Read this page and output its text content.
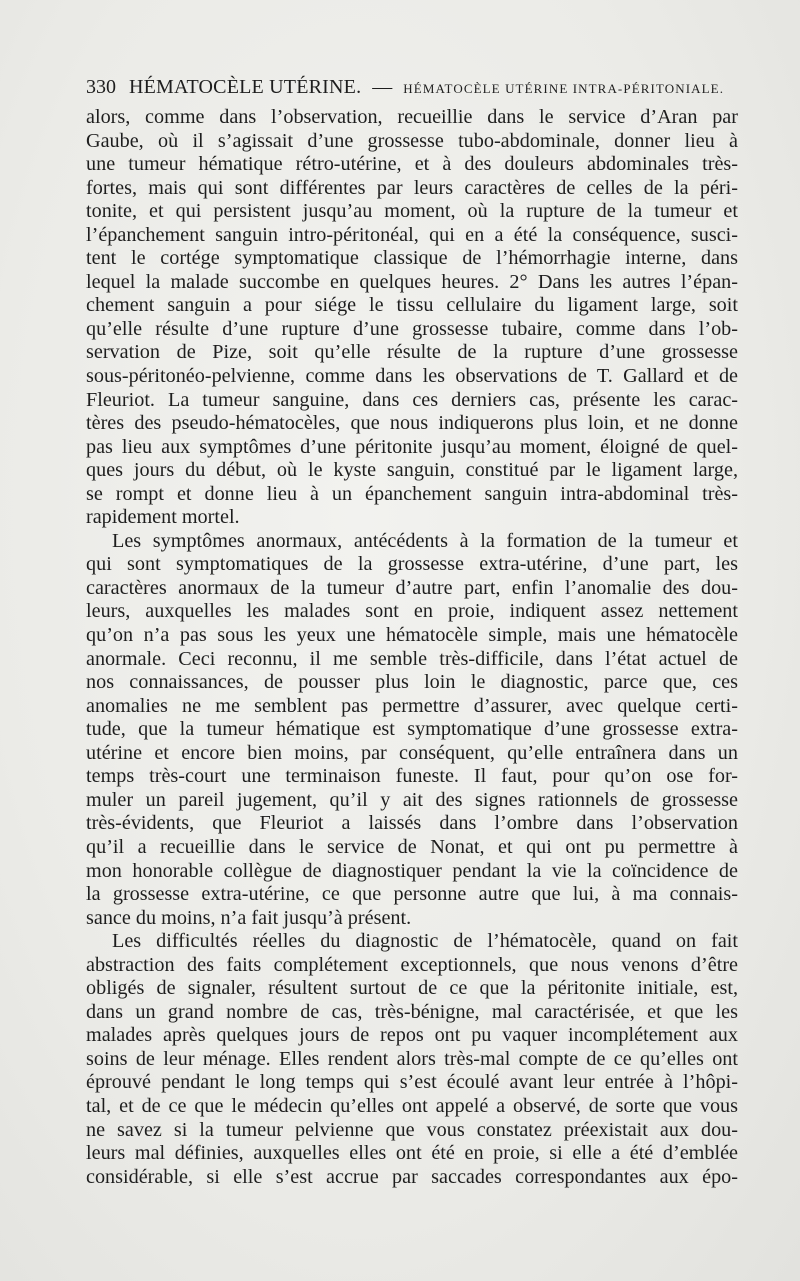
330 HÉMATOCÈLE UTÉRINE. — HÉMATOCÈLE UTÉRINE INTRA-PÉRITONIALE.
alors, comme dans l’observation, recueillie dans le service d’Aran par
Gaube, où il s’agissait d’une grossesse tubo-abdominale, donner lieu à
une tumeur hématique rétro-utérine, et à des douleurs abdominales très-
fortes, mais qui sont différentes par leurs caractères de celles de la péri-
tonite, et qui persistent jusqu’au moment, où la rupture de la tumeur et
l’épanchement sanguin intro-péritonéal, qui en a été la conséquence, susci-
tent le cortége symptomatique classique de l’hémorrhagie interne, dans
lequel la malade succombe en quelques heures. 2° Dans les autres l’épan-
chement sanguin a pour siége le tissu cellulaire du ligament large, soit
qu’elle résulte d’une rupture d’une grossesse tubaire, comme dans l’ob-
servation de Pize, soit qu’elle résulte de la rupture d’une grossesse
sous-péritonéo-pelvienne, comme dans les observations de T. Gallard et de
Fleuriot. La tumeur sanguine, dans ces derniers cas, présente les carac-
tères des pseudo-hématocèles, que nous indiquerons plus loin, et ne donne
pas lieu aux symptômes d’une péritonite jusqu’au moment, éloigné de quel-
ques jours du début, où le kyste sanguin, constitué par le ligament large,
se rompt et donne lieu à un épanchement sanguin intra-abdominal très-
rapidement mortel.
Les symptômes anormaux, antécédents à la formation de la tumeur et
qui sont symptomatiques de la grossesse extra-utérine, d’une part, les
caractères anormaux de la tumeur d’autre part, enfin l’anomalie des dou-
leurs, auxquelles les malades sont en proie, indiquent assez nettement
qu’on n’a pas sous les yeux une hématocèle simple, mais une hématocèle
anormale. Ceci reconnu, il me semble très-difficile, dans l’état actuel de
nos connaissances, de pousser plus loin le diagnostic, parce que, ces
anomalies ne me semblent pas permettre d’assurer, avec quelque certi-
tude, que la tumeur hématique est symptomatique d’une grossesse extra-
utérine et encore bien moins, par conséquent, qu’elle entraînera dans un
temps très-court une terminaison funeste. Il faut, pour qu’on ose for-
muler un pareil jugement, qu’il y ait des signes rationnels de grossesse
très-évidents, que Fleuriot a laissés dans l’ombre dans l’observation
qu’il a recueillie dans le service de Nonat, et qui ont pu permettre à
mon honorable collègue de diagnostiquer pendant la vie la coïncidence de
la grossesse extra-utérine, ce que personne autre que lui, à ma connais-
sance du moins, n’a fait jusqu’à présent.
Les difficultés réelles du diagnostic de l’hématocèle, quand on fait
abstraction des faits complétement exceptionnels, que nous venons d’être
obligés de signaler, résultent surtout de ce que la péritonite initiale, est,
dans un grand nombre de cas, très-bénigne, mal caractérisée, et que les
malades après quelques jours de repos ont pu vaquer incomplétement aux
soins de leur ménage. Elles rendent alors très-mal compte de ce qu’elles ont
éprouvé pendant le long temps qui s’est écoulé avant leur entrée à l’hôpi-
tal, et de ce que le médecin qu’elles ont appelé a observé, de sorte que vous
ne savez si la tumeur pelvienne que vous constatez préexistait aux dou-
leurs mal définies, auxquelles elles ont été en proie, si elle a été d’emblée
considérable, si elle s’est accrue par saccades correspondantes aux épo-
